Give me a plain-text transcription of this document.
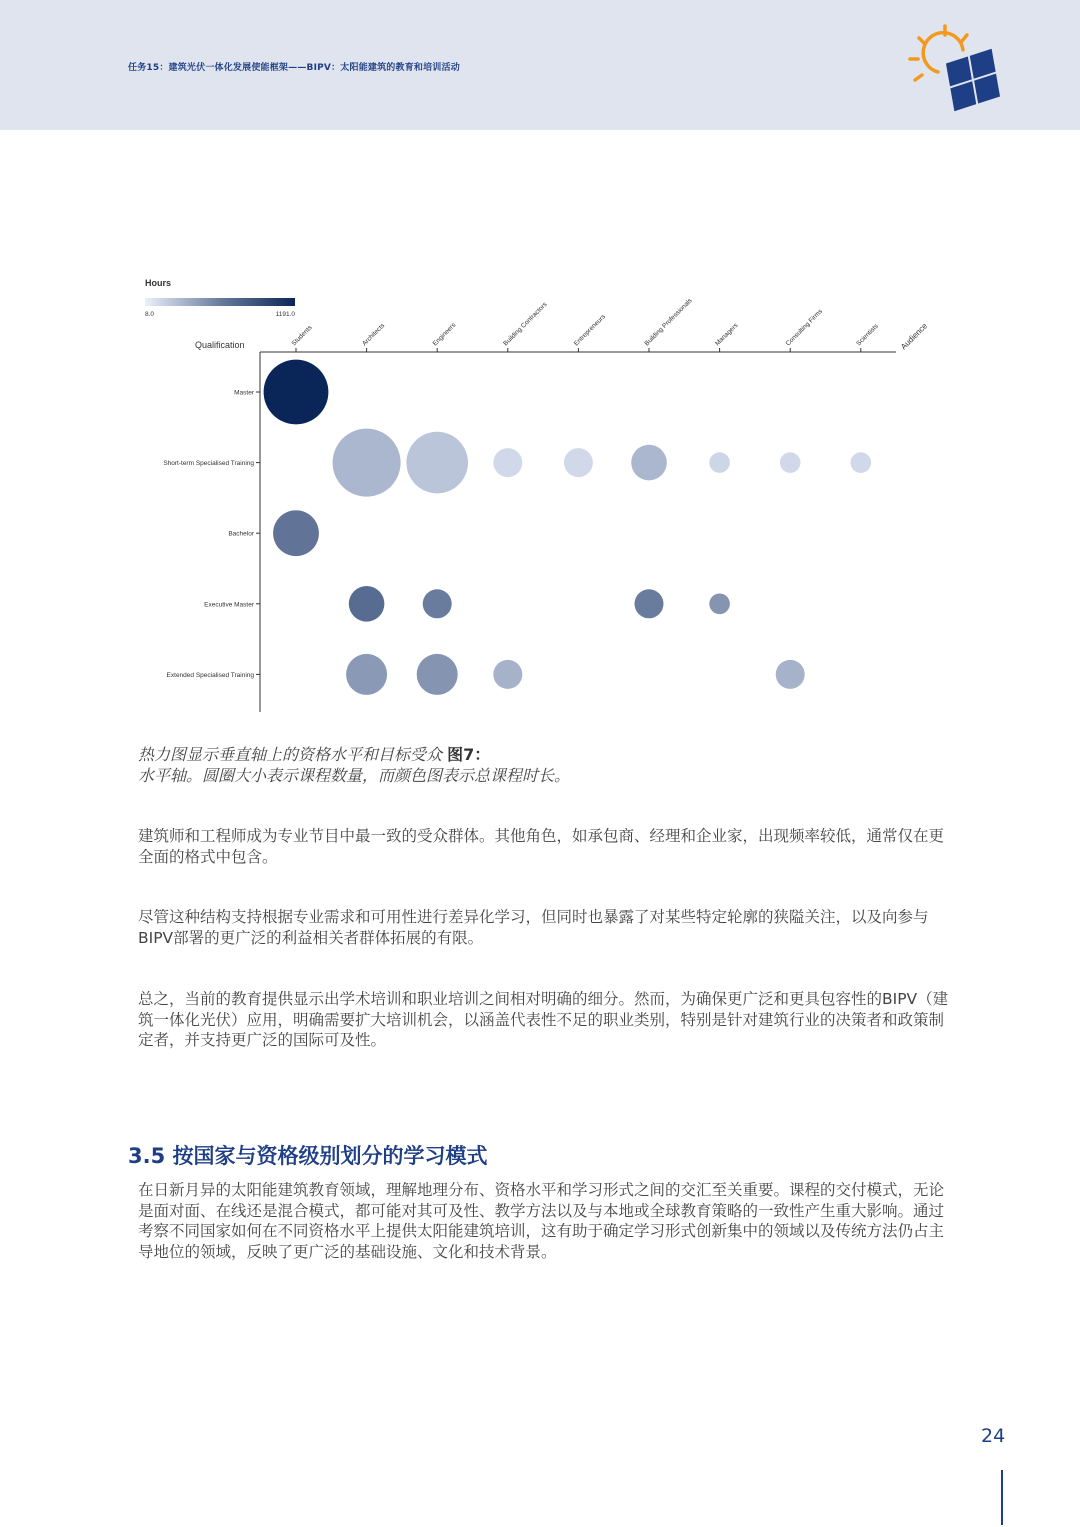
任务15：建筑光伏一体化发展使能框架——BIPV：太阳能建筑的教育和培训活动
Hours
8.0	1191.0
Qualification	Audience
Students	Architects	Engineers	Building Contractors	Entrepreneurs	Building Professionals	Managers	Consulting Firms	Scientists
Master
Short-term Specialised Training
Bachelor
Executive Master
Extended Specialised Training
热力图显示垂直轴上的资格水平和目标受众 图7：
水平轴。圆圈大小表示课程数量，而颜色图表示总课程时长。
建筑师和工程师成为专业节目中最一致的受众群体。其他角色，如承包商、经理和企业家，出现频率较低，通常仅在更全面的格式中包含。
尽管这种结构支持根据专业需求和可用性进行差异化学习，但同时也暴露了对某些特定轮廓的狭隘关注，以及向参与BIPV部署的更广泛的利益相关者群体拓展的有限。
总之，当前的教育提供显示出学术培训和职业培训之间相对明确的细分。然而，为确保更广泛和更具包容性的BIPV（建筑一体化光伏）应用，明确需要扩大培训机会，以涵盖代表性不足的职业类别，特别是针对建筑行业的决策者和政策制定者，并支持更广泛的国际可及性。
3.5 按国家与资格级别划分的学习模式
在日新月异的太阳能建筑教育领域，理解地理分布、资格水平和学习形式之间的交汇至关重要。课程的交付模式，无论是面对面、在线还是混合模式，都可能对其可及性、教学方法以及与本地或全球教育策略的一致性产生重大影响。通过考察不同国家如何在不同资格水平上提供太阳能建筑培训，这有助于确定学习形式创新集中的领域以及传统方法仍占主导地位的领域，反映了更广泛的基础设施、文化和技术背景。
24
